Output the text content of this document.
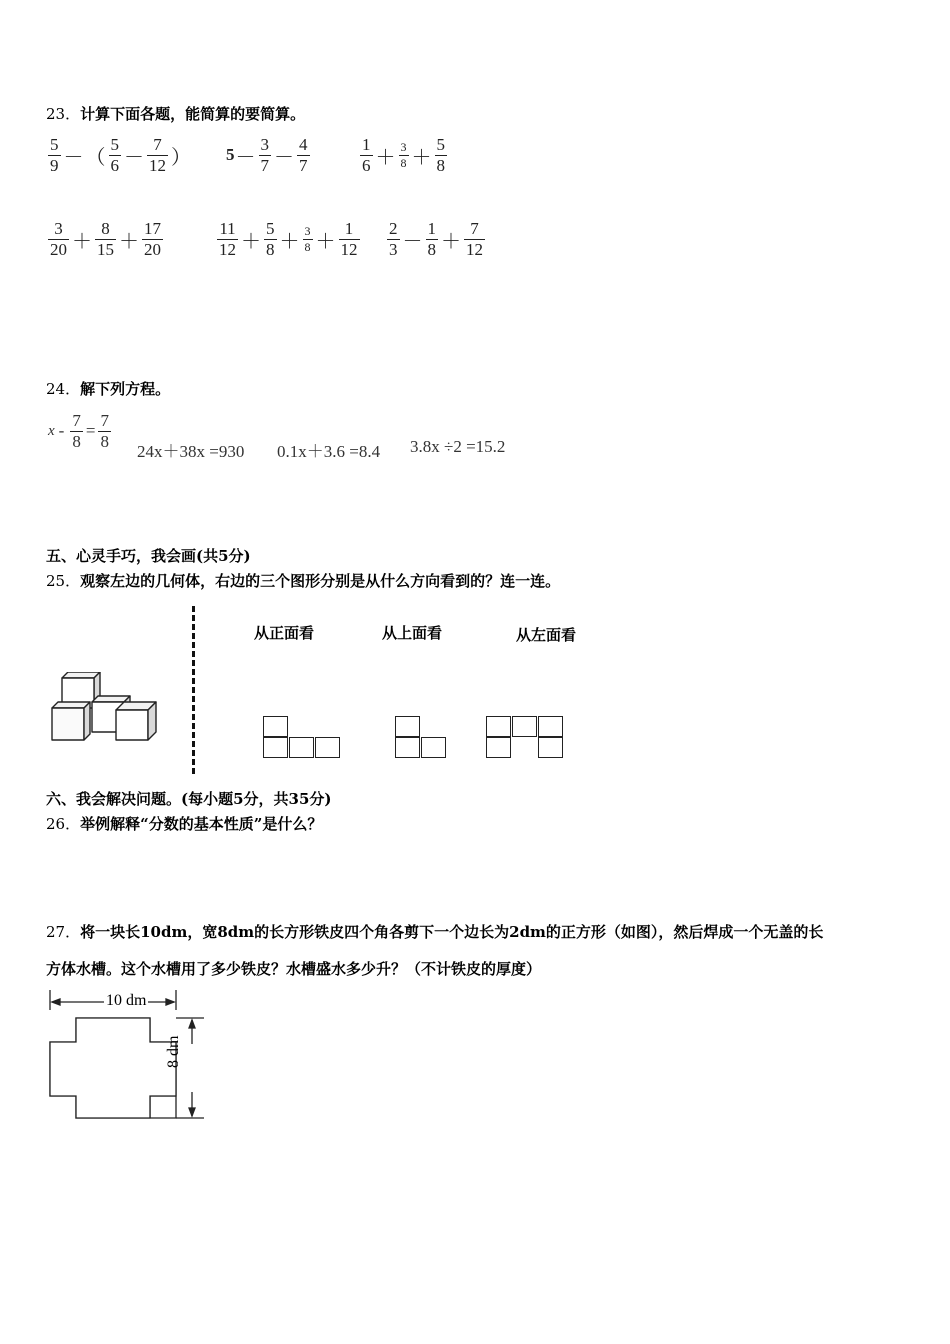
23．计算下面各题，能简算的要简算。
$\frac{5}{9}$ － （ $\frac{5}{6} - \frac{7}{12}$ ） $5 - \frac{3}{7} - \frac{4}{7}$	$\frac{1}{6} + \frac{3}{8} + \frac{5}{8}$
$\frac{3}{20} + \frac{8}{15} + \frac{17}{20}$	$\frac{11}{12} + \frac{5}{8} + \frac{3}{8} + \frac{1}{12} \frac{2}{3} - \frac{1}{8} + \frac{7}{12}$
24．解下列方程。
$x - \frac{7}{8} = \frac{7}{8}$
24x＋38x =930 0.1x＋3.6 =8.4 3.8x ÷2 =15.2
五、心灵手巧，我会画(共5分)
25．观察左边的几何体，右边的三个图形分别是从什么方向看到的？连一连。
从正面看	从上面看	从左面看
六、我会解决问题。(每小题5分，共35分)
26．举例解释“分数的基本性质”是什么？
27．将一块长10dm，宽8dm的长方形铁皮四个角各剪下一个边长为2dm的正方形（如图），然后焊成一个无盖的长
方体水槽。这个水槽用了多少铁皮？水槽盛水多少升？（不计铁皮的厚度）
10 dm
8 dm
